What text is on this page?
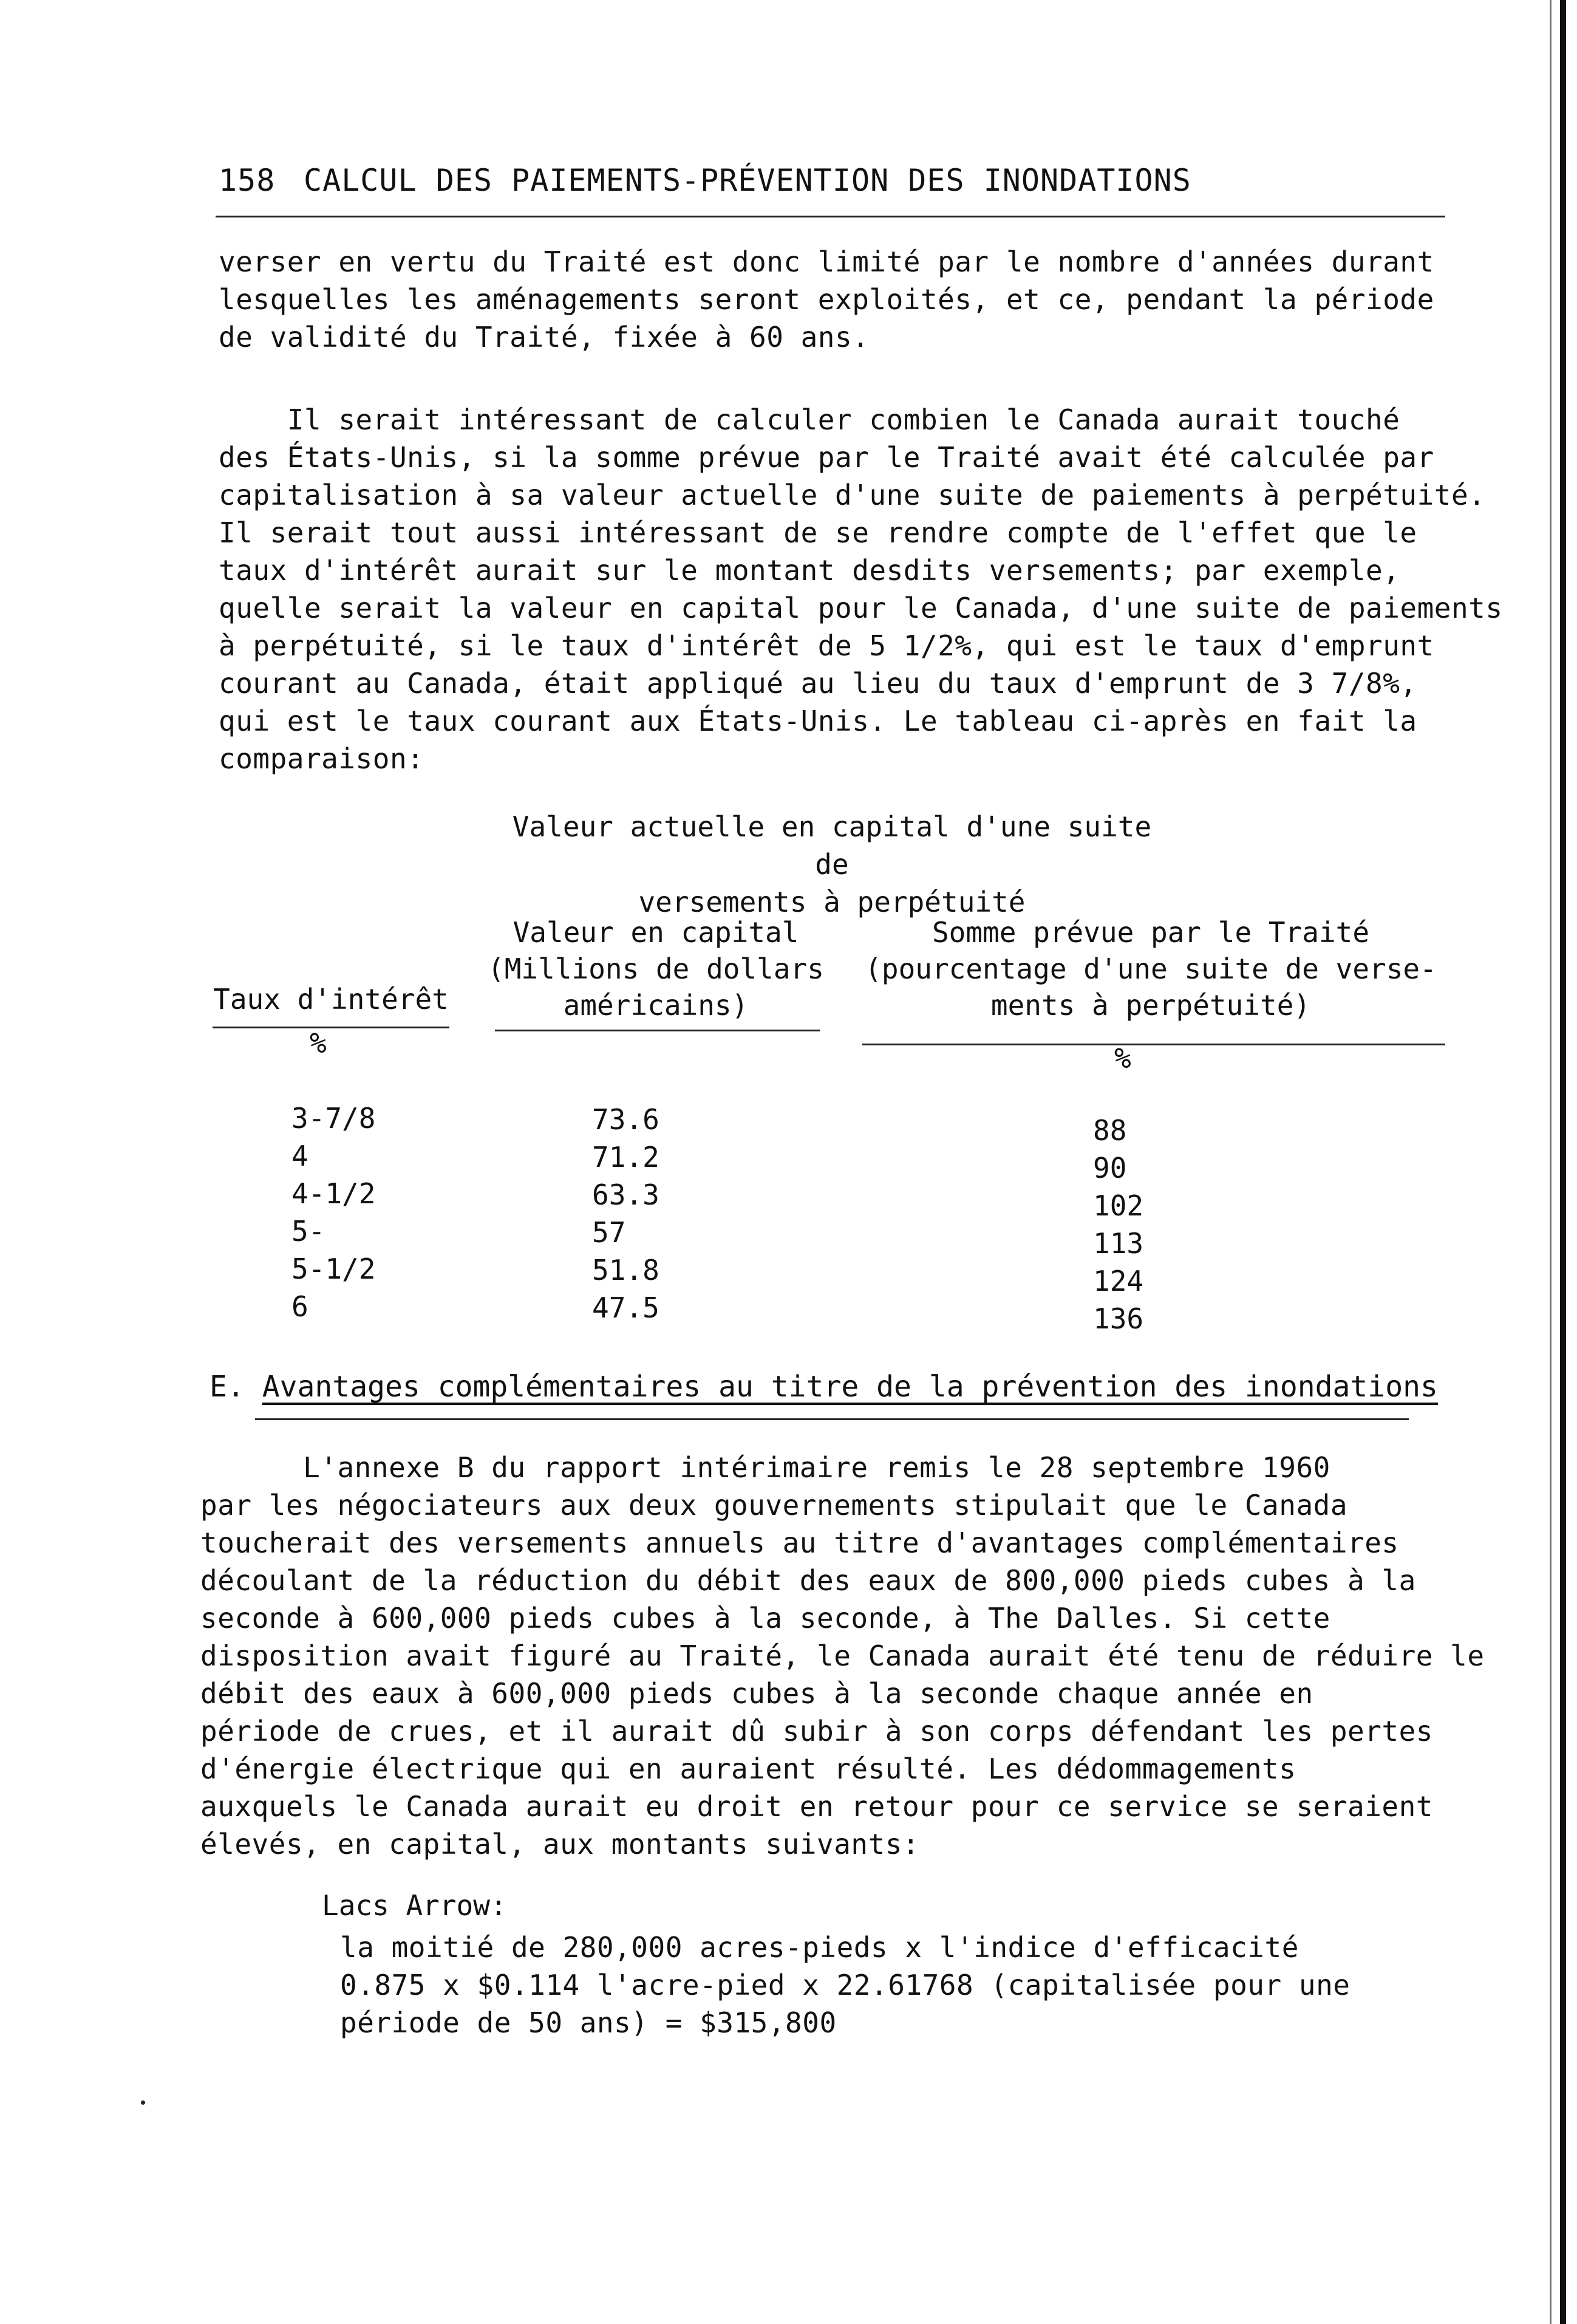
158 CALCUL DES PAIEMENTS-PRÉVENTION DES INONDATIONS
verser en vertu du Traité est donc limité par le nombre d'années durant
lesquelles les aménagements seront exploités, et ce, pendant la période
de validité du Traité, fixée à 60 ans.
Il serait intéressant de calculer combien le Canada aurait touché
des États-Unis, si la somme prévue par le Traité avait été calculée par
capitalisation à sa valeur actuelle d'une suite de paiements à perpétuité.
Il serait tout aussi intéressant de se rendre compte de l'effet que le
taux d'intérêt aurait sur le montant desdits versements; par exemple,
quelle serait la valeur en capital pour le Canada, d'une suite de paiements
à perpétuité, si le taux d'intérêt de 5 1/2%, qui est le taux d'emprunt
courant au Canada, était appliqué au lieu du taux d'emprunt de 3 7/8%,
qui est le taux courant aux États-Unis. Le tableau ci-après en fait la
comparaison:
Valeur actuelle en capital d'une suite de
versements à perpétuité
Taux d'intérêt
Valeur en capital
(Millions de dollars
américains)
Somme prévue par le Traité
(pourcentage d'une suite de verse-
ments à perpétuité)
%	%
3-7/8
4
4-1/2
5-
5-1/2
6
73.6
71.2
63.3
57
51.8
47.5
88
90
102
113
124
136
E. Avantages complémentaires au titre de la prévention des inondations
L'annexe B du rapport intérimaire remis le 28 septembre 1960
par les négociateurs aux deux gouvernements stipulait que le Canada
toucherait des versements annuels au titre d'avantages complémentaires
découlant de la réduction du débit des eaux de 800,000 pieds cubes à la
seconde à 600,000 pieds cubes à la seconde, à The Dalles. Si cette
disposition avait figuré au Traité, le Canada aurait été tenu de réduire le
débit des eaux à 600,000 pieds cubes à la seconde chaque année en
période de crues, et il aurait dû subir à son corps défendant les pertes
d'énergie électrique qui en auraient résulté. Les dédommagements
auxquels le Canada aurait eu droit en retour pour ce service se seraient
élevés, en capital, aux montants suivants:
Lacs Arrow:
la moitié de 280,000 acres-pieds x l'indice d'efficacité
0.875 x $0.114 l'acre-pied x 22.61768 (capitalisée pour une
période de 50 ans) = $315,800
